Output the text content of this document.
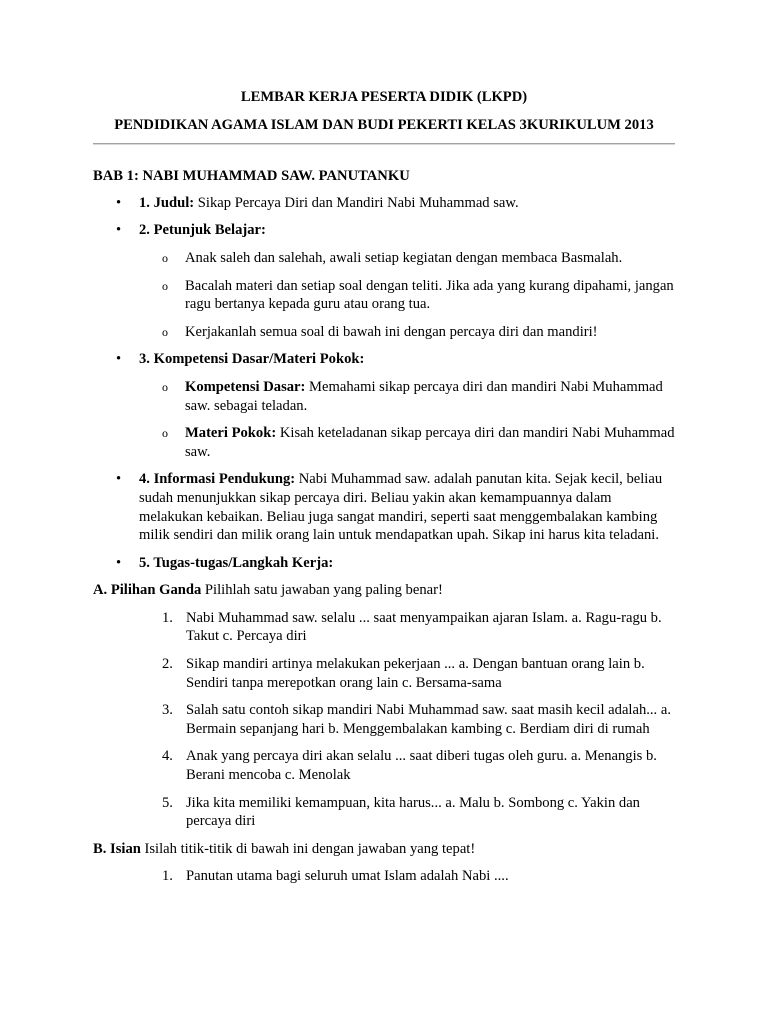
LEMBAR KERJA PESERTA DIDIK (LKPD)

PENDIDIKAN AGAMA ISLAM DAN BUDI PEKERTI KELAS 3KURIKULUM 2013

BAB 1: NABI MUHAMMAD SAW. PANUTANKU

• 1. Judul: Sikap Percaya Diri dan Mandiri Nabi Muhammad saw.
• 2. Petunjuk Belajar:
o Anak saleh dan salehah, awali setiap kegiatan dengan membaca Basmalah.
o Bacalah materi dan setiap soal dengan teliti. Jika ada yang kurang dipahami, jangan ragu bertanya kepada guru atau orang tua.
o Kerjakanlah semua soal di bawah ini dengan percaya diri dan mandiri!
• 3. Kompetensi Dasar/Materi Pokok:
o Kompetensi Dasar: Memahami sikap percaya diri dan mandiri Nabi Muhammad saw. sebagai teladan.
o Materi Pokok: Kisah keteladanan sikap percaya diri dan mandiri Nabi Muhammad saw.
• 4. Informasi Pendukung: Nabi Muhammad saw. adalah panutan kita. Sejak kecil, beliau sudah menunjukkan sikap percaya diri. Beliau yakin akan kemampuannya dalam melakukan kebaikan. Beliau juga sangat mandiri, seperti saat menggembalakan kambing milik sendiri dan milik orang lain untuk mendapatkan upah. Sikap ini harus kita teladani.
• 5. Tugas-tugas/Langkah Kerja:

A. Pilihan Ganda Pilihlah satu jawaban yang paling benar!

1. Nabi Muhammad saw. selalu ... saat menyampaikan ajaran Islam. a. Ragu-ragu b. Takut c. Percaya diri
2. Sikap mandiri artinya melakukan pekerjaan ... a. Dengan bantuan orang lain b. Sendiri tanpa merepotkan orang lain c. Bersama-sama
3. Salah satu contoh sikap mandiri Nabi Muhammad saw. saat masih kecil adalah... a. Bermain sepanjang hari b. Menggembalakan kambing c. Berdiam diri di rumah
4. Anak yang percaya diri akan selalu ... saat diberi tugas oleh guru. a. Menangis b. Berani mencoba c. Menolak
5. Jika kita memiliki kemampuan, kita harus... a. Malu b. Sombong c. Yakin dan percaya diri

B. Isian Isilah titik-titik di bawah ini dengan jawaban yang tepat!

1. Panutan utama bagi seluruh umat Islam adalah Nabi ....
